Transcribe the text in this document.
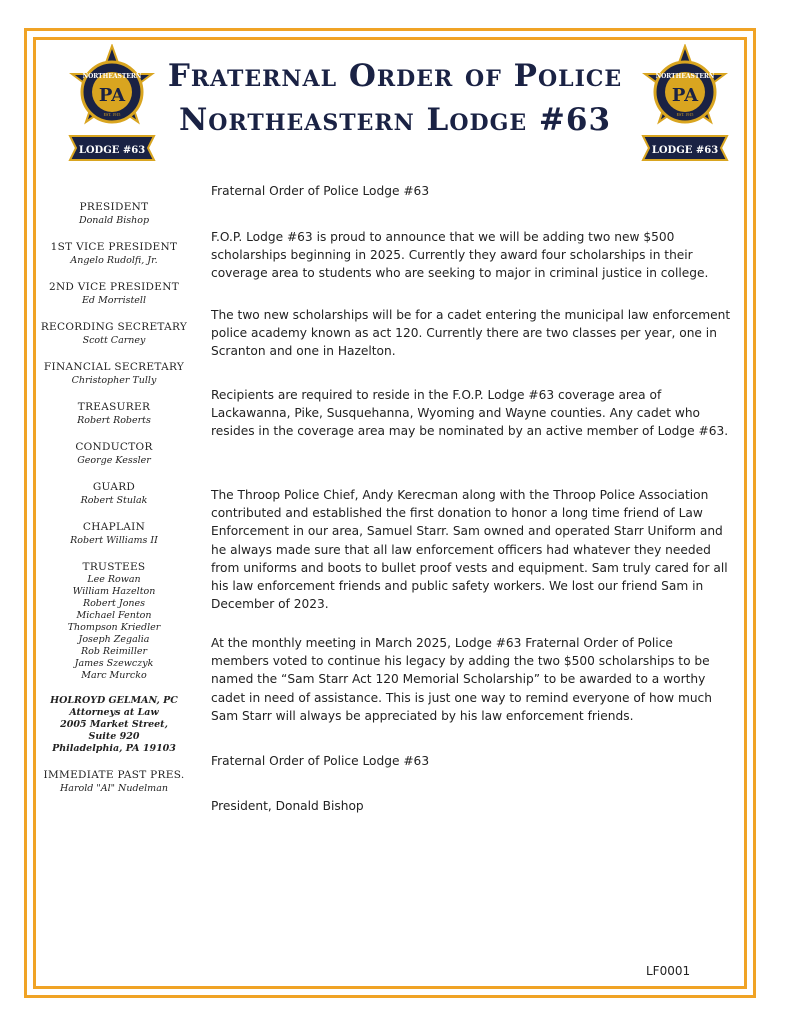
NORTHEASTERN
PA
EST. 1915
LODGE #63
NORTHEASTERN
PA
EST. 1915
LODGE #63
Fraternal Order of Police
Northeastern Lodge #63
PRESIDENT
Donald Bishop
1ST VICE PRESIDENT
Angelo Rudolfi, Jr.
2ND VICE PRESIDENT
Ed Morristell
RECORDING SECRETARY
Scott Carney
FINANCIAL SECRETARY
Christopher Tully
TREASURER
Robert Roberts
CONDUCTOR
George Kessler
GUARD
Robert Stulak
CHAPLAIN
Robert Williams II
TRUSTEES
Lee Rowan
William Hazelton
Robert Jones
Michael Fenton
Thompson Kriedler
Joseph Zegalia
Rob Reimiller
James Szewczyk
Marc Murcko
HOLROYD GELMAN, PC
Attorneys at Law
2005 Market Street,
Suite 920
Philadelphia, PA 19103
IMMEDIATE PAST PRES.
Harold "Al" Nudelman

Fraternal Order of Police Lodge #63

F.O.P. Lodge #63 is proud to announce that we will be adding two new $500 scholarships beginning in 2025. Currently they award four scholarships in their coverage area to students who are seeking to major in criminal justice in college.

The two new scholarships will be for a cadet entering the municipal law enforcement police academy known as act 120. Currently there are two classes per year, one in Scranton and one in Hazelton.

Recipients are required to reside in the F.O.P. Lodge #63 coverage area of Lackawanna, Pike, Susquehanna, Wyoming and Wayne counties. Any cadet who resides in the coverage area may be nominated by an active member of Lodge #63.

The Throop Police Chief, Andy Kerecman along with the Throop Police Association contributed and established the first donation to honor a long time friend of Law Enforcement in our area, Samuel Starr. Sam owned and operated Starr Uniform and he always made sure that all law enforcement officers had whatever they needed from uniforms and boots to bullet proof vests and equipment. Sam truly cared for all his law enforcement friends and public safety workers. We lost our friend Sam in December of 2023.

At the monthly meeting in March 2025, Lodge #63 Fraternal Order of Police members voted to continue his legacy by adding the two $500 scholarships to be named the “Sam Starr Act 120 Memorial Scholarship” to be awarded to a worthy cadet in need of assistance. This is just one way to remind everyone of how much Sam Starr will always be appreciated by his law enforcement friends.

Fraternal Order of Police Lodge #63

President, Donald Bishop

LF0001
